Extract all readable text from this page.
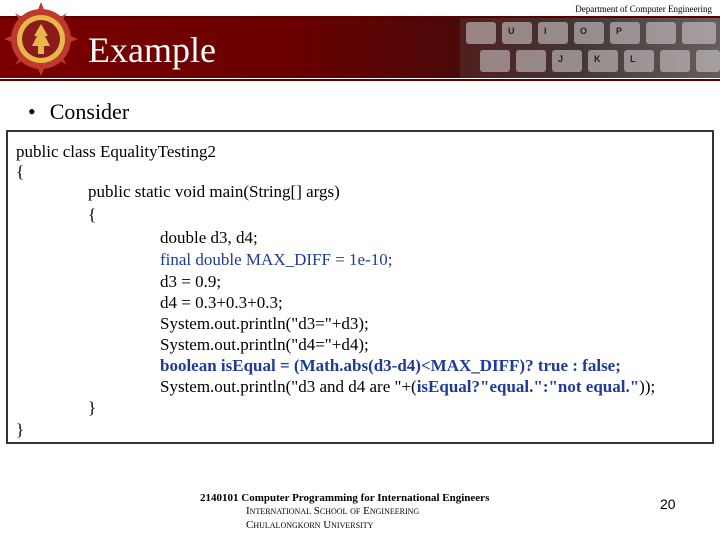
Department of Computer Engineering
U	I	O	P
J	K	L
Example
• Consider
public class EqualityTesting2
{
public static void main(String[] args)
{
double d3, d4;
final double MAX_DIFF = 1e-10;
d3 = 0.9;
d4 = 0.3+0.3+0.3;
System.out.println("d3="+d3);
System.out.println("d4="+d4);
boolean isEqual = (Math.abs(d3-d4)<MAX_DIFF)? true : false;
System.out.println("d3 and d4 are "+(isEqual?"equal.":"not equal."));
}
}
2140101 Computer Programming for International Engineers
International School of Engineering
Chulalongkorn University
20
